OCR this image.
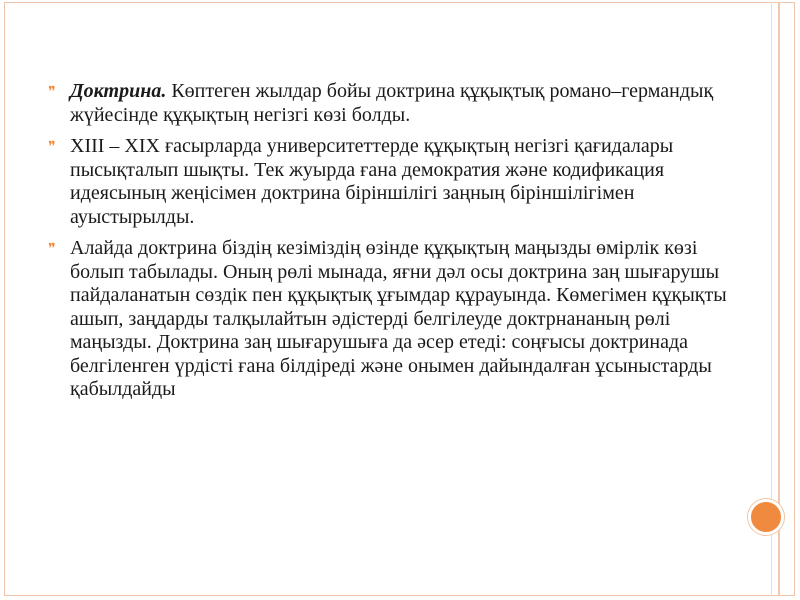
❞ Доктрина. Көптеген жылдар бойы доктрина құқықтық романо–германдық жүйесінде құқықтың негізгі көзі болды.

❞ XIII – XIX ғасырларда университеттерде құқықтың негізгі қағидалары пысықталып шықты. Тек жуырда ғана демократия және кодификация идеясының жеңісімен доктрина біріншілігі заңның біріншілігімен ауыстырылды.

❞ Алайда доктрина біздің кезіміздің өзінде құқықтың маңызды өмірлік көзі болып табылады. Оның рөлі мынада, яғни дәл осы доктрина заң шығарушы пайдаланатын сөздік пен құқықтық ұғымдар құрауында. Көмегімен құқықты ашып, заңдарды талқылайтын әдістерді белгілеуде доктрнананың рөлі маңызды. Доктрина заң шығарушыға да әсер етеді: соңғысы доктринада белгіленген үрдісті ғана білдіреді және онымен дайындалған ұсыныстарды қабылдайды
